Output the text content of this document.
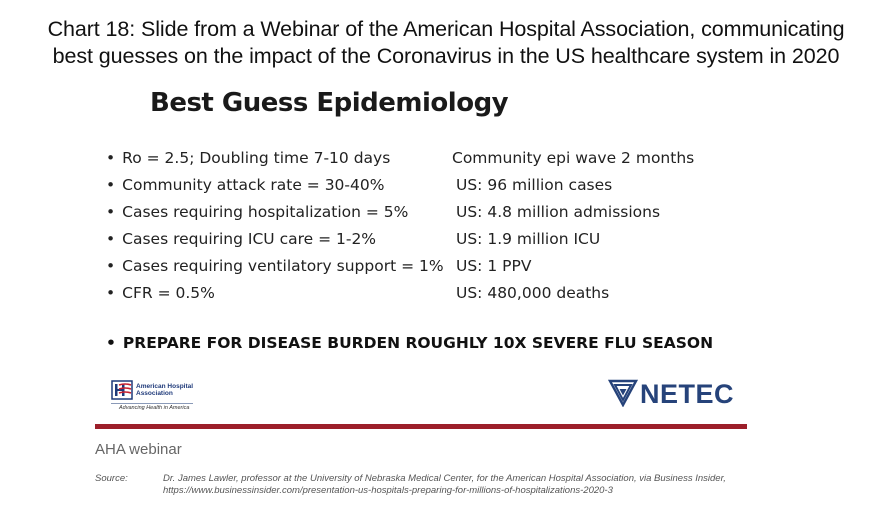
Chart 18: Slide from a Webinar of the American Hospital Association, communicating
best guesses on the impact of the Coronavirus in the US healthcare system in 2020
Best Guess Epidemiology
• Ro = 2.5; Doubling time 7-10 days
• Community attack rate = 30-40%
• Cases requiring hospitalization = 5%
• Cases requiring ICU care = 1-2%
• Cases requiring ventilatory support = 1%
• CFR = 0.5%
Community epi wave 2 months
US: 96 million cases
US: 4.8 million admissions
US: 1.9 million ICU
US: 1 PPV
US: 480,000 deaths
• PREPARE FOR DISEASE BURDEN ROUGHLY 10X SEVERE FLU SEASON
American Hospital
Association
Advancing Health in America	NETEC
AHA webinar
Source:	Dr. James Lawler, professor at the University of Nebraska Medical Center, for the American Hospital Association, via Business Insider,
https://www.businessinsider.com/presentation-us-hospitals-preparing-for-millions-of-hospitalizations-2020-3
